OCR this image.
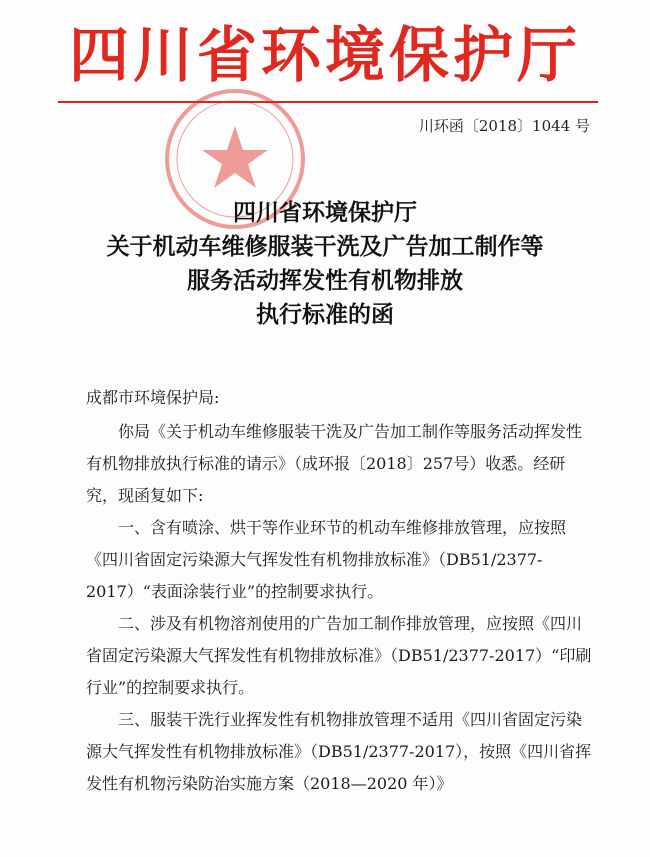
四川省环境保护厅
川环函〔2018〕1044 号
四川省环境保护厅
关于机动车维修服装干洗及广告加工制作等
服务活动挥发性有机物排放
执行标准的函

成都市环境保护局:

你局《关于机动车维修服装干洗及广告加工制作等服务活动挥发性有机物排放执行标准的请示》（成环报〔2018〕257号）收悉。经研究，现函复如下:

一、含有喷涂、烘干等作业环节的机动车维修排放管理，应按照《四川省固定污染源大气挥发性有机物排放标准》（DB51/2377-2017）“表面涂装行业”的控制要求执行。

二、涉及有机物溶剂使用的广告加工制作排放管理，应按照《四川省固定污染源大气挥发性有机物排放标准》（DB51/2377-2017）“印刷行业”的控制要求执行。

三、服装干洗行业挥发性有机物排放管理不适用《四川省固定污染源大气挥发性有机物排放标准》（DB51/2377-2017），按照《四川省挥发性有机物污染防治实施方案（2018—2020 年）》
